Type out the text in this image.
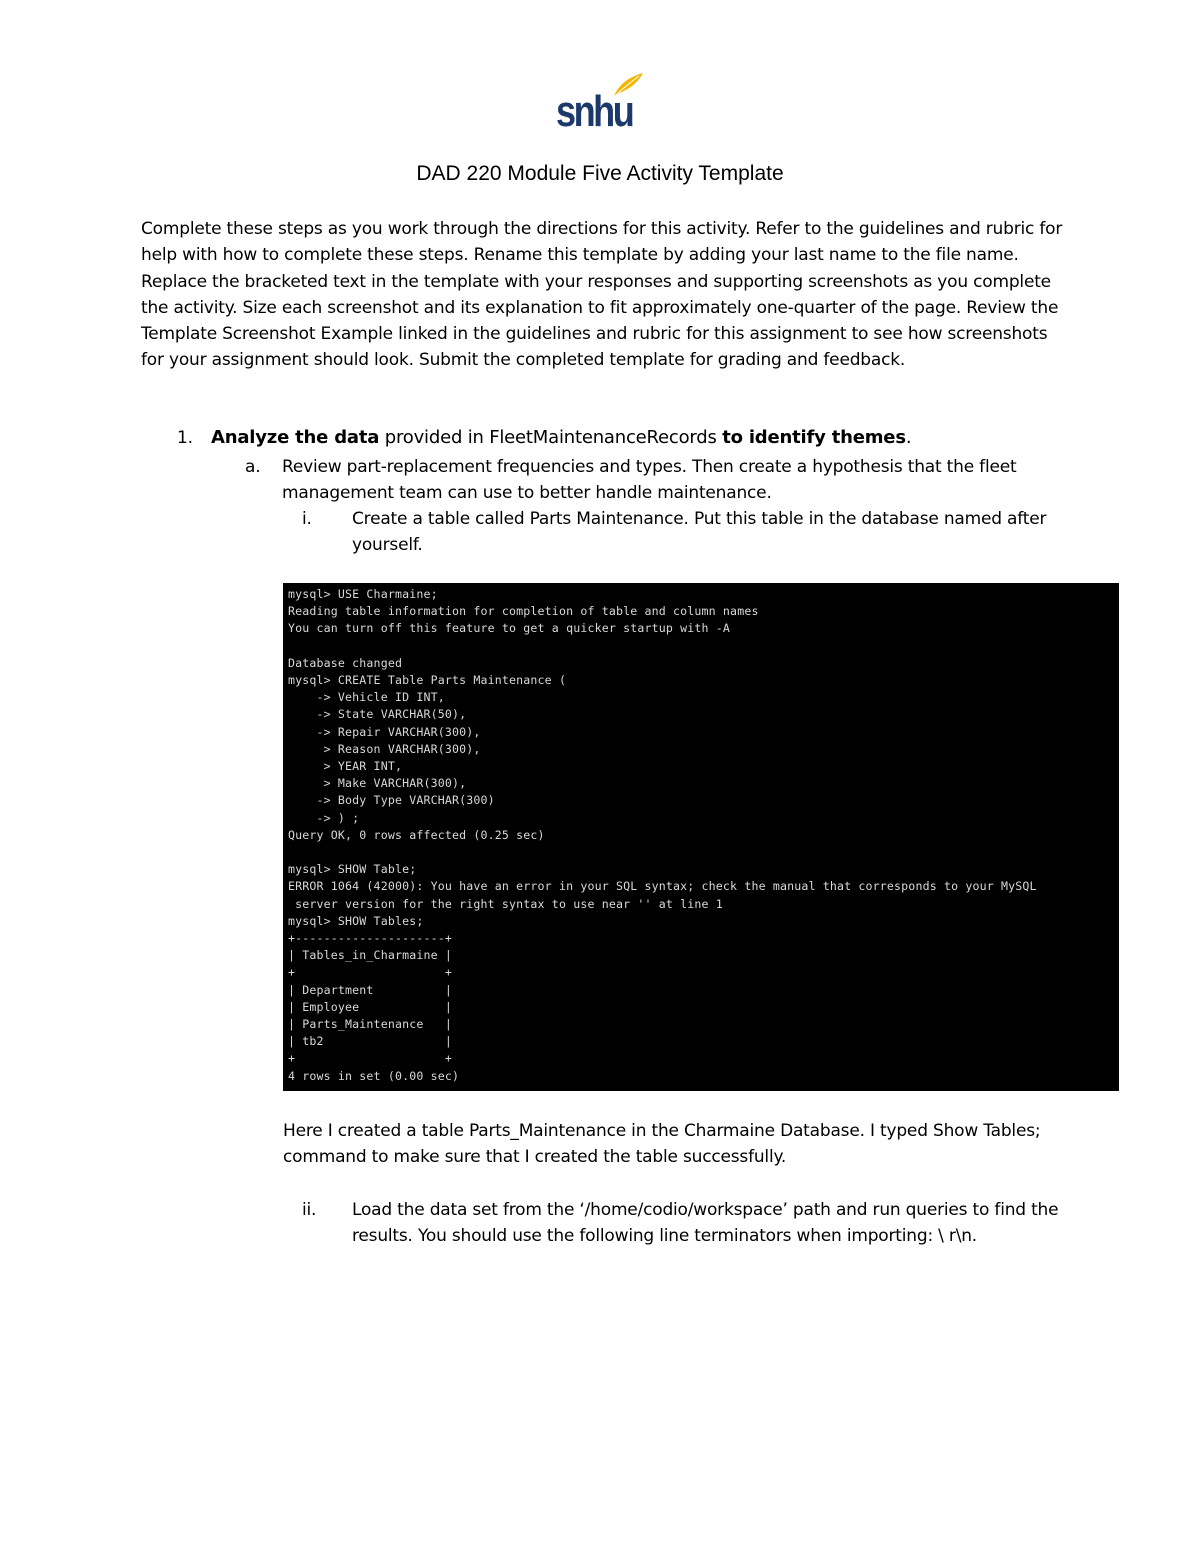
snhu
DAD 220 Module Five Activity Template
Complete these steps as you work through the directions for this activity. Refer to the guidelines and rubric for help with how to complete these steps. Rename this template by adding your last name to the file name. Replace the bracketed text in the template with your responses and supporting screenshots as you complete the activity. Size each screenshot and its explanation to fit approximately one-quarter of the page. Review the Template Screenshot Example linked in the guidelines and rubric for this assignment to see how screenshots for your assignment should look. Submit the completed template for grading and feedback.
1. Analyze the data provided in FleetMaintenanceRecords to identify themes.
a. Review part-replacement frequencies and types. Then create a hypothesis that the fleet management team can use to better handle maintenance.
i. Create a table called Parts Maintenance. Put this table in the database named after yourself.
mysql> USE Charmaine;
Reading table information for completion of table and column names
You can turn off this feature to get a quicker startup with -A

Database changed
mysql> CREATE Table Parts Maintenance (
-> Vehicle ID INT,
-> State VARCHAR(50),
-> Repair VARCHAR(300),
> Reason VARCHAR(300),
> YEAR INT,
> Make VARCHAR(300),
-> Body Type VARCHAR(300)
-> ) ;
Query OK, 0 rows affected (0.25 sec)

mysql> SHOW Table;
ERROR 1064 (42000): You have an error in your SQL syntax; check the manual that corresponds to your MySQL
server version for the right syntax to use near '' at line 1
mysql> SHOW Tables;
+---------------------+
| Tables_in_Charmaine |
+                     +
| Department          |
| Employee            |
| Parts_Maintenance   |
| tb2                 |
+                     +
4 rows in set (0.00 sec)

Here I created a table Parts_Maintenance in the Charmaine Database. I typed Show Tables; command to make sure that I created the table successfully.
ii. Load the data set from the ‘/home/codio/workspace’ path and run queries to find the results. You should use the following line terminators when importing: \ r\n.
